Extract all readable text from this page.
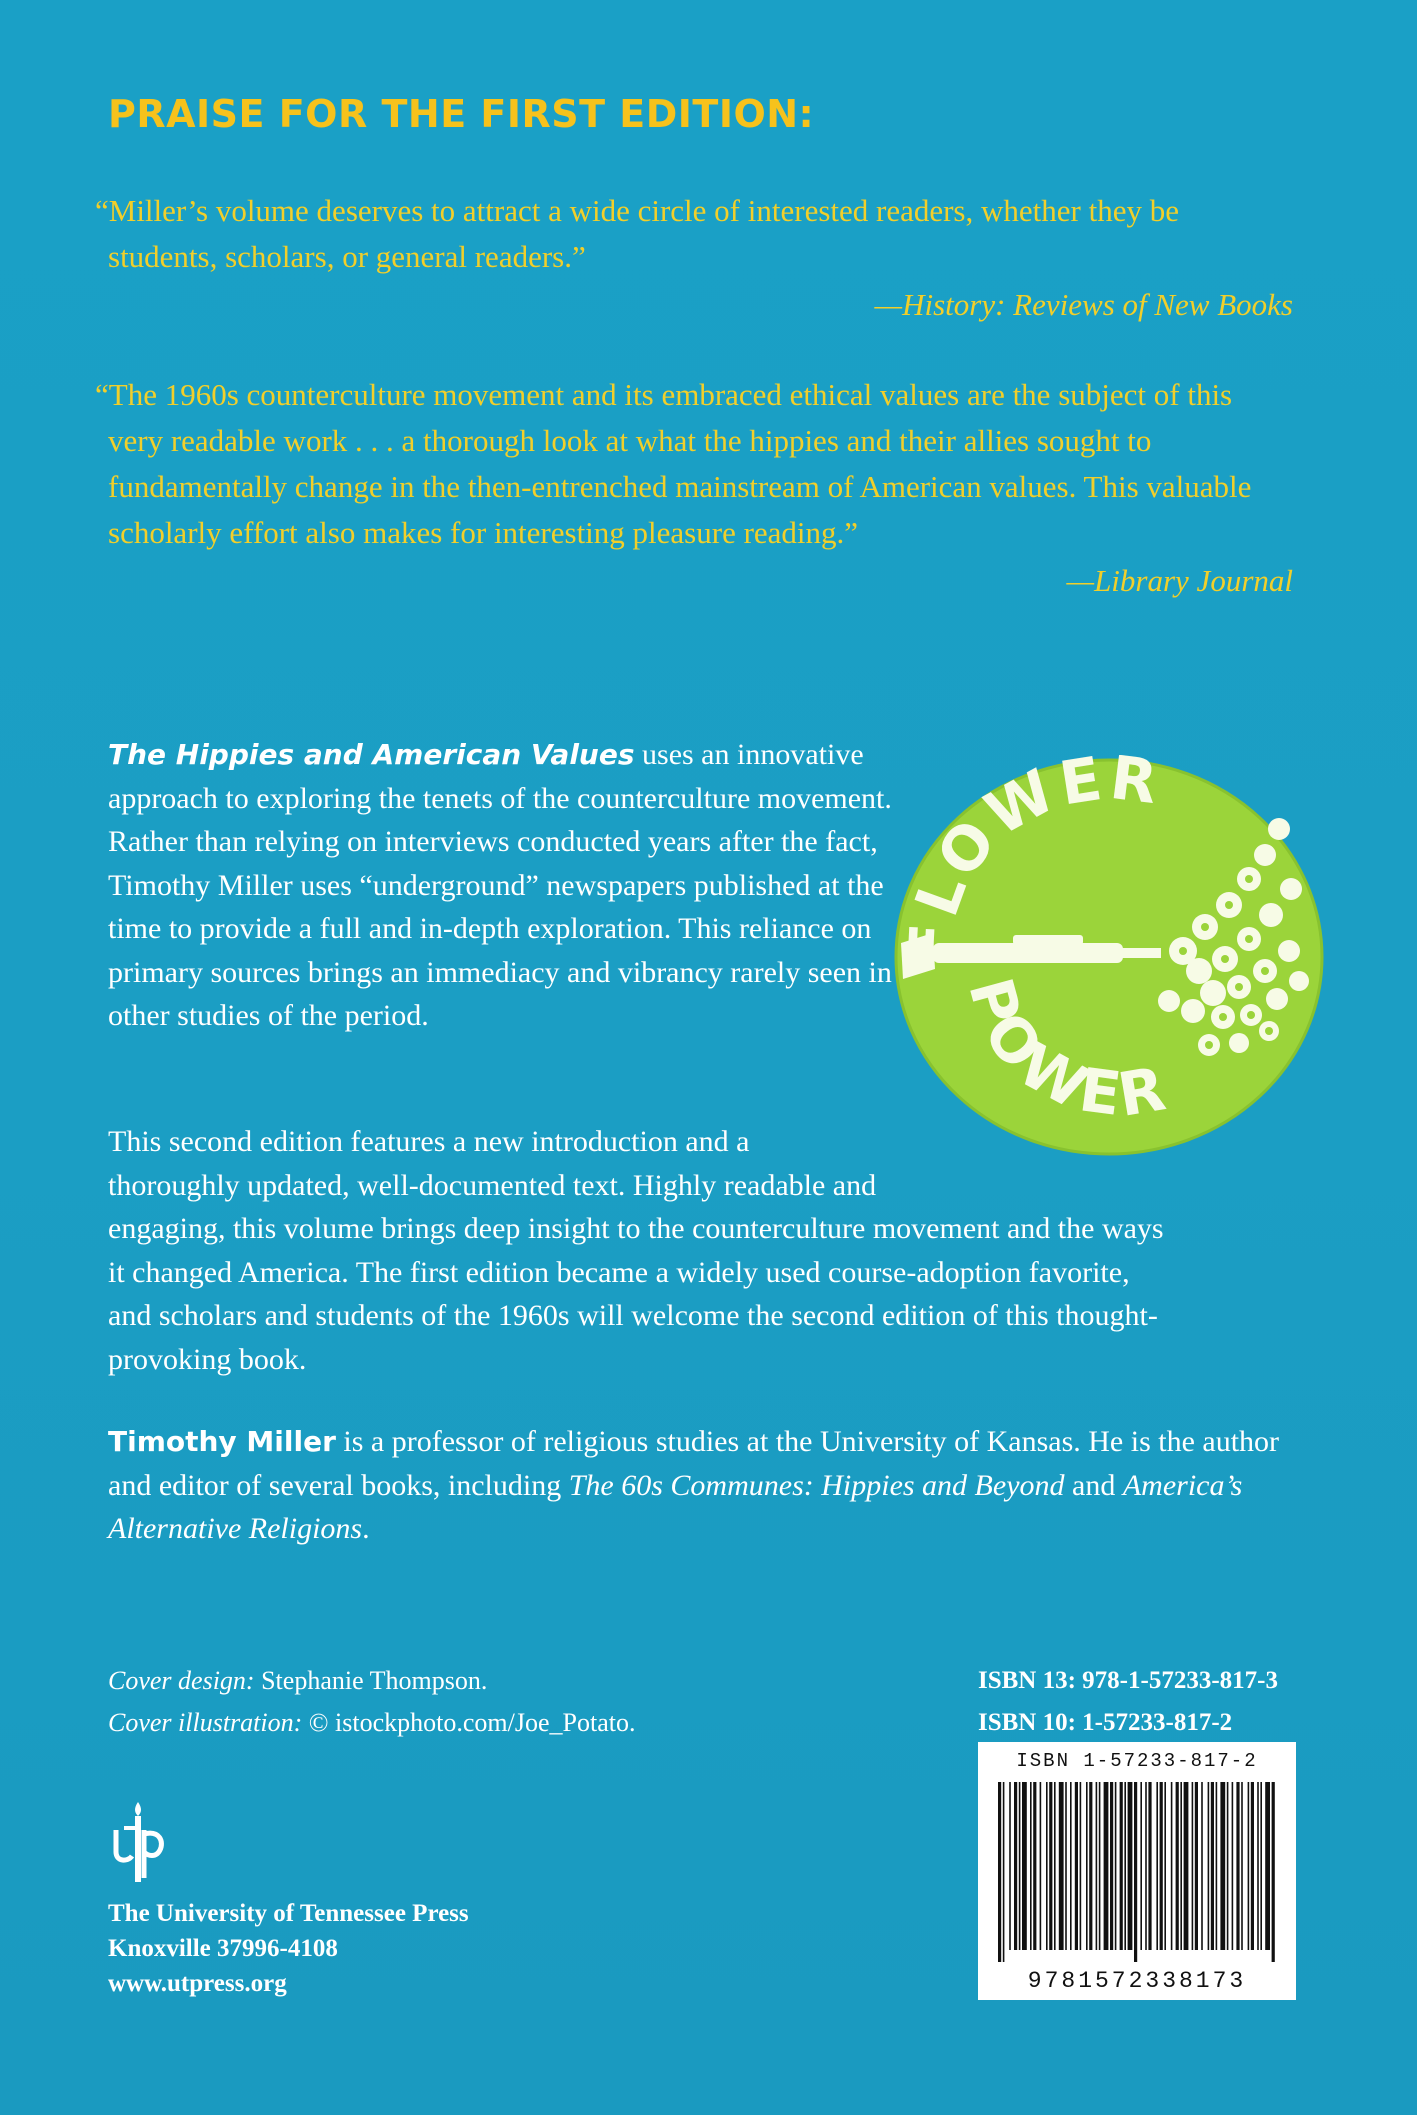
PRAISE FOR THE FIRST EDITION:
“Miller’s volume deserves to attract a wide circle of interested readers, whether they be students, scholars, or general readers.”
—History: Reviews of New Books
“The 1960s counterculture movement and its embraced ethical values are the subject of this very readable work . . . a thorough look at what the hippies and their allies sought to fundamentally change in the then-entrenched mainstream of American values. This valuable scholarly effort also makes for interesting pleasure reading.”
—Library Journal

The Hippies and American Values uses an innovative approach to exploring the tenets of the counterculture movement. Rather than relying on interviews conducted years after the fact, Timothy Miller uses “underground” newspapers published at the time to provide a full and in-depth exploration. This reliance on primary sources brings an immediacy and vibrancy rarely seen in other studies of the period.

FLOWER
POWER
This second edition features a new introduction and a
thoroughly updated, well-documented text. Highly readable and
engaging, this volume brings deep insight to the counterculture movement and the ways
it changed America. The first edition became a widely used course-adoption favorite,
and scholars and students of the 1960s will welcome the second edition of this thought-
provoking book.

Timothy Miller is a professor of religious studies at the University of Kansas. He is the author and editor of several books, including The 60s Communes: Hippies and Beyond and America’s Alternative Religions.

Cover design: Stephanie Thompson.
Cover illustration: © istockphoto.com/Joe_Potato.
ISBN 13: 978-1-57233-817-3
ISBN 10: 1-57233-817-2
ISBN 1-57233-817-2
9781572338173
The University of Tennessee Press
Knoxville 37996-4108
www.utpress.org
